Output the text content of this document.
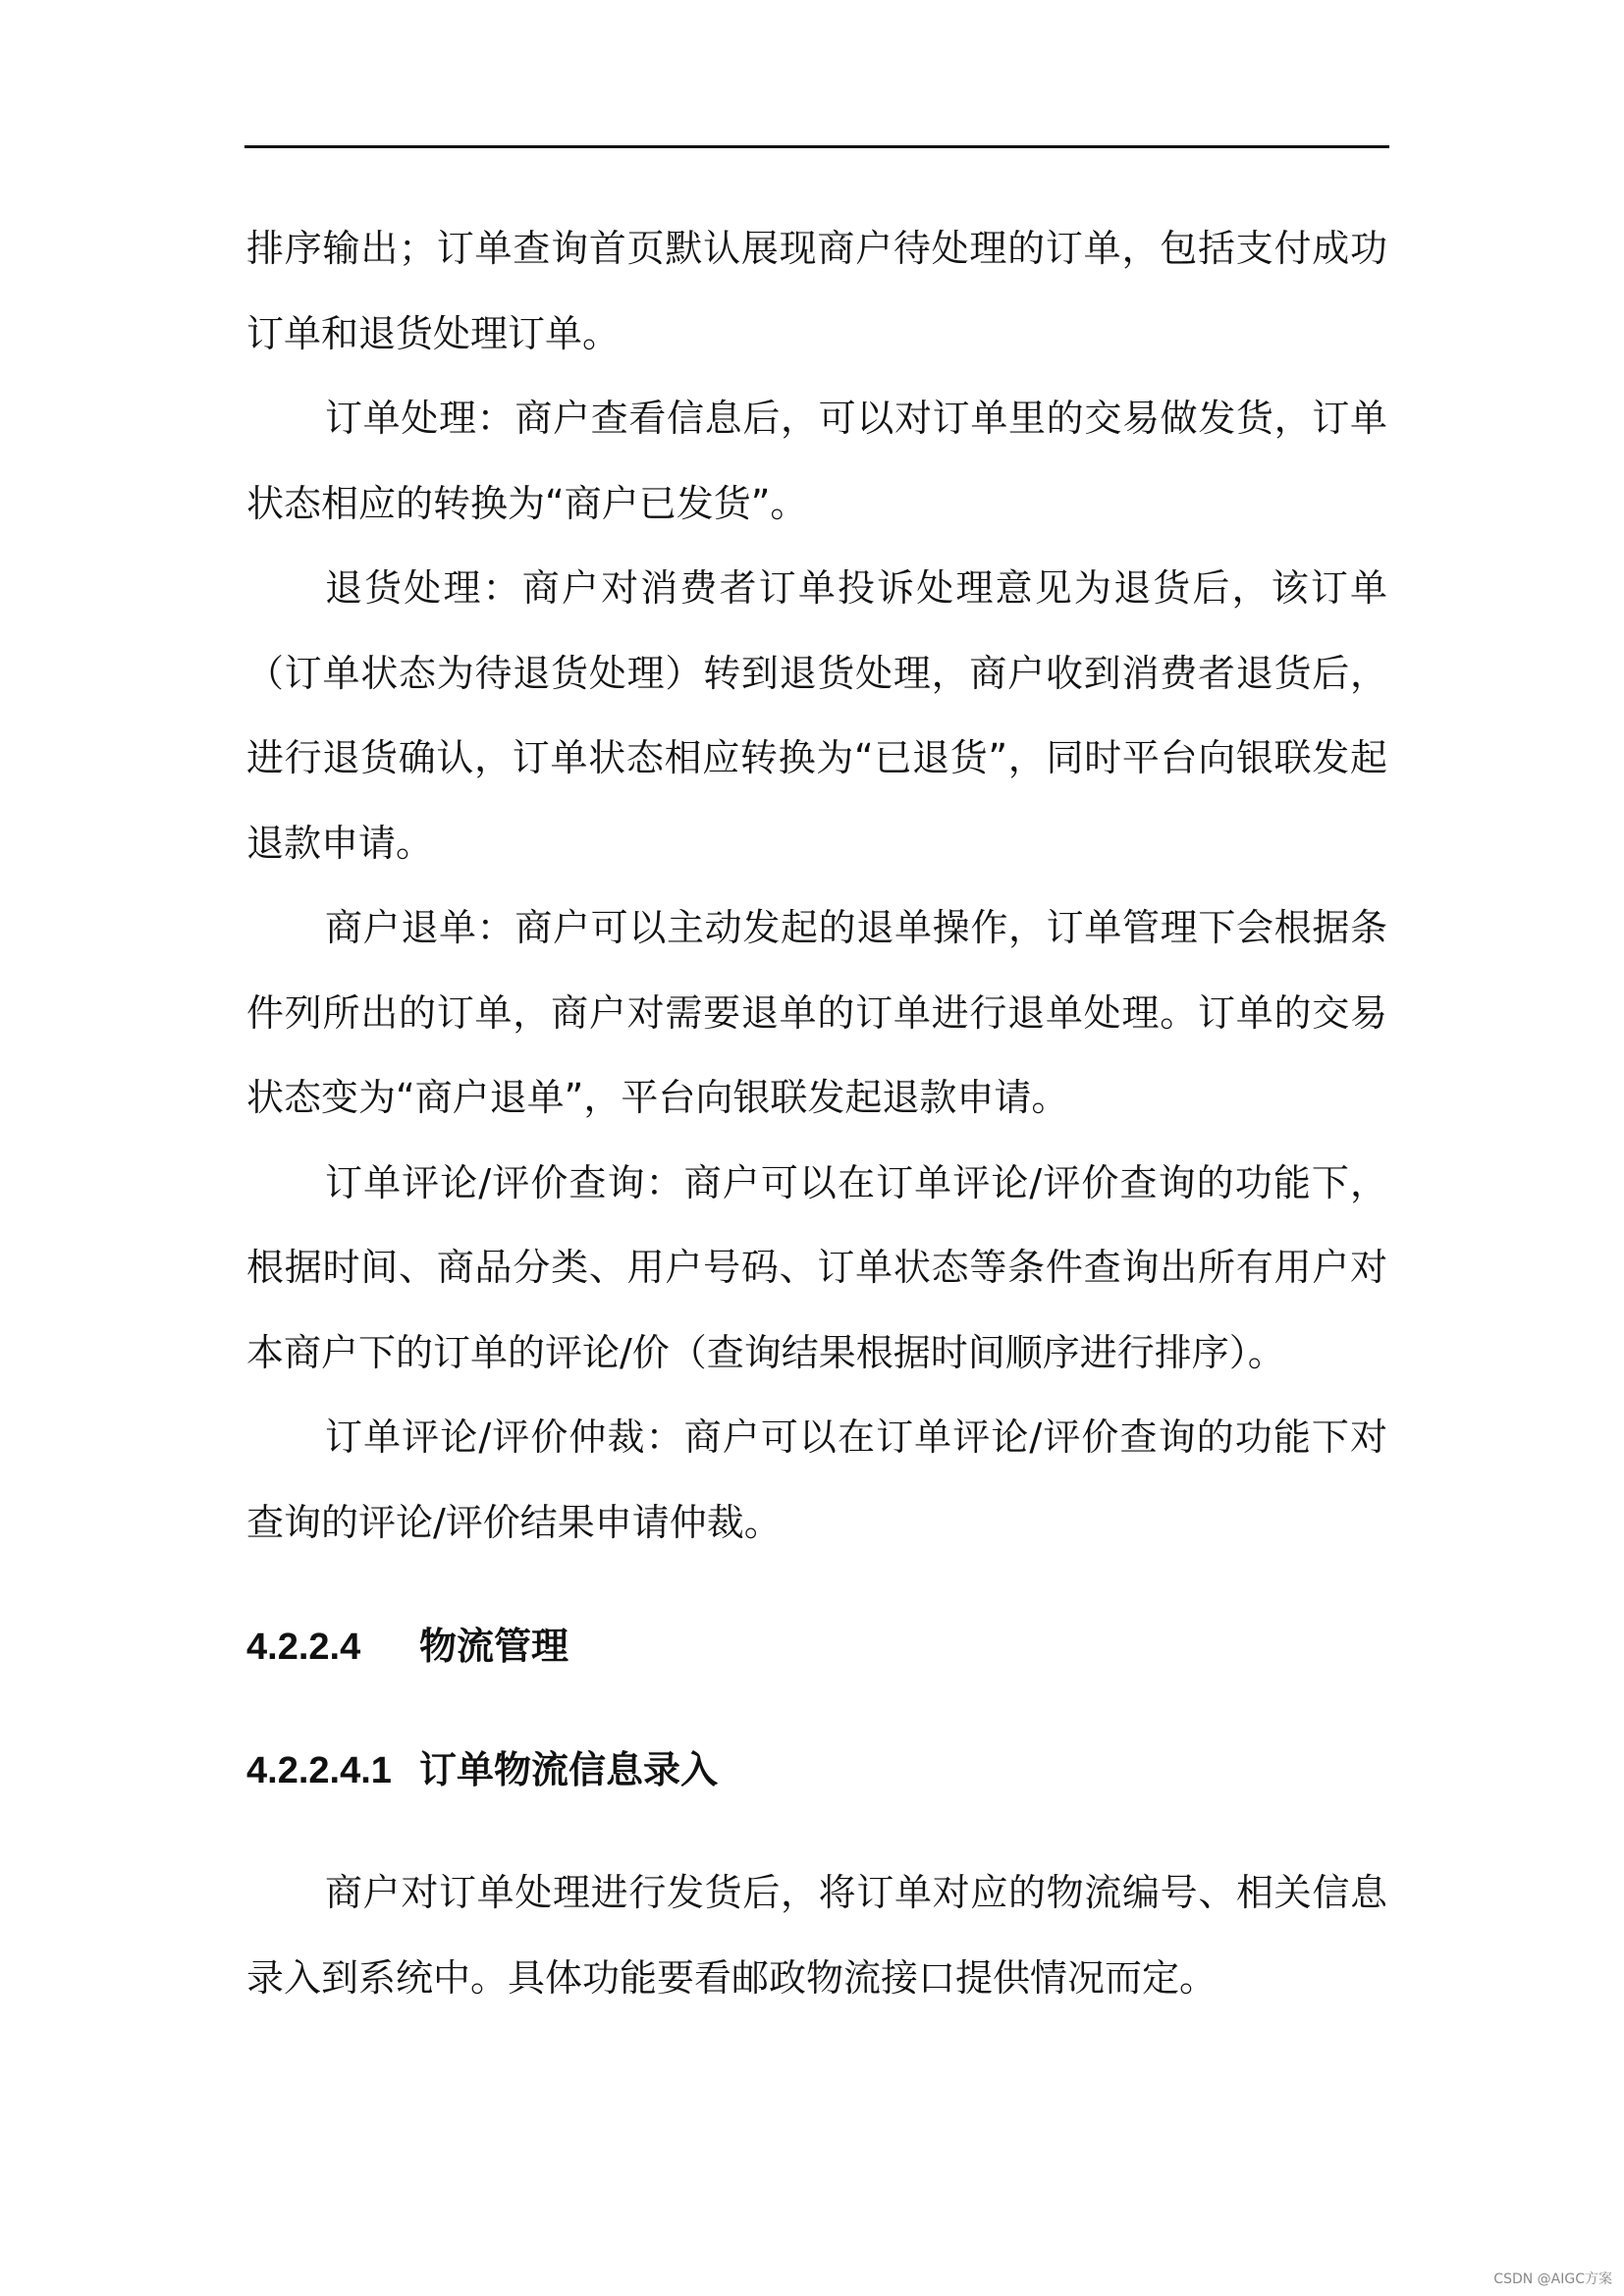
排序输出；订单查询首页默认展现商户待处理的订单，包括支付成功订单和退货处理订单。

订单处理：商户查看信息后，可以对订单里的交易做发货，订单状态相应的转换为“商户已发货”。

退货处理：商户对消费者订单投诉处理意见为退货后，该订单（订单状态为待退货处理）转到退货处理，商户收到消费者退货后，进行退货确认，订单状态相应转换为“已退货”，同时平台向银联发起退款申请。

商户退单：商户可以主动发起的退单操作，订单管理下会根据条件列所出的订单，商户对需要退单的订单进行退单处理。订单的交易状态变为“商户退单”，平台向银联发起退款申请。

订单评论/评价查询：商户可以在订单评论/评价查询的功能下，根据时间、商品分类、用户号码、订单状态等条件查询出所有用户对本商户下的订单的评论/价（查询结果根据时间顺序进行排序）。

订单评论/评价仲裁：商户可以在订单评论/评价查询的功能下对查询的评论/评价结果申请仲裁。

4.2.2.4 物流管理
4.2.2.4.1 订单物流信息录入

商户对订单处理进行发货后，将订单对应的物流编号、相关信息录入到系统中。具体功能要看邮政物流接口提供情况而定。

CSDN @AIGC方案
